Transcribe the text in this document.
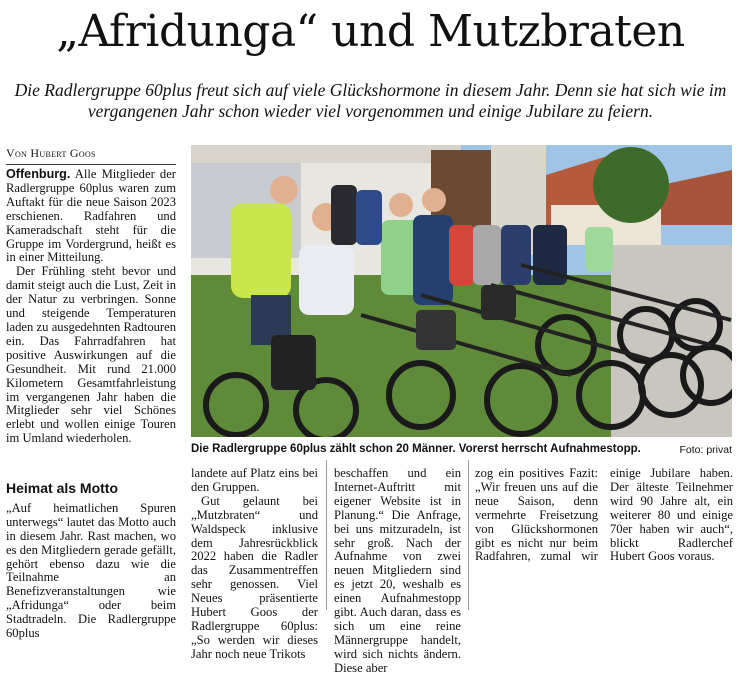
„Afridunga“ und Mutzbraten
Die Radlergruppe 60plus freut sich auf viele Glückshormone in diesem Jahr. Denn sie hat sich wie im vergangenen Jahr schon wieder viel vorgenommen und einige Jubilare zu feiern.
Von Hubert Goos

Offenburg. Alle Mitglieder der Radlergruppe 60plus waren zum Auftakt für die neue Saison 2023 erschienen. Radfahren und Kameradschaft steht für die Gruppe im Vordergrund, heißt es in einer Mitteilung.

Der Frühling steht bevor und damit steigt auch die Lust, Zeit in der Natur zu verbringen. Sonne und steigende Temperaturen laden zu ausgedehnten Radtouren ein. Das Fahrradfahren hat positive Auswirkungen auf die Gesundheit. Mit rund 21.000 Kilometern Gesamtfahrleistung im vergangenen Jahr haben die Mitglieder sehr viel Schönes erlebt und wollen einige Touren im Umland wiederholen.

Heimat als Motto

„Auf heimatlichen Spuren unterwegs“ lautet das Motto auch in diesem Jahr. Rast machen, wo es den Mitgliedern gerade gefällt, gehört ebenso dazu wie die Teilnahme an Benefizveranstaltungen wie „Afridunga“ oder beim Stadtradeln. Die Radlergruppe 60plus

Die Radlergruppe 60plus zählt schon 20 Männer. Vorerst herrscht Aufnahmestopp.	Foto: privat

landete auf Platz eins bei den Gruppen.

Gut gelaunt bei „Mutzbraten“ und Waldspeck inklusive dem Jahresrückblick 2022 haben die Radler das Zusammentreffen sehr genossen. Viel Neues präsentierte Hubert Goos der Radlergruppe 60plus: „So werden wir dieses Jahr noch neue Trikots

beschaffen und ein Internet-Auftritt mit eigener Website ist in Planung.“ Die Anfrage, bei uns mitzuradeln, ist sehr groß. Nach der Aufnahme von zwei neuen Mitgliedern sind es jetzt 20, weshalb es einen Aufnahmestopp gibt. Auch daran, dass es sich um eine reine Männergruppe handelt, wird sich nichts ändern. Diese aber

zog ein positives Fazit: „Wir freuen uns auf die neue Saison, denn vermehrte Freisetzung von Glückshormonen gibt es nicht nur beim Radfahren, zumal wir einige Jubilare haben. Der älteste Teilnehmer wird 90 Jahre alt, ein weiterer 80 und einige 70er haben wir auch“, blickt Radlerchef Hubert Goos voraus.
